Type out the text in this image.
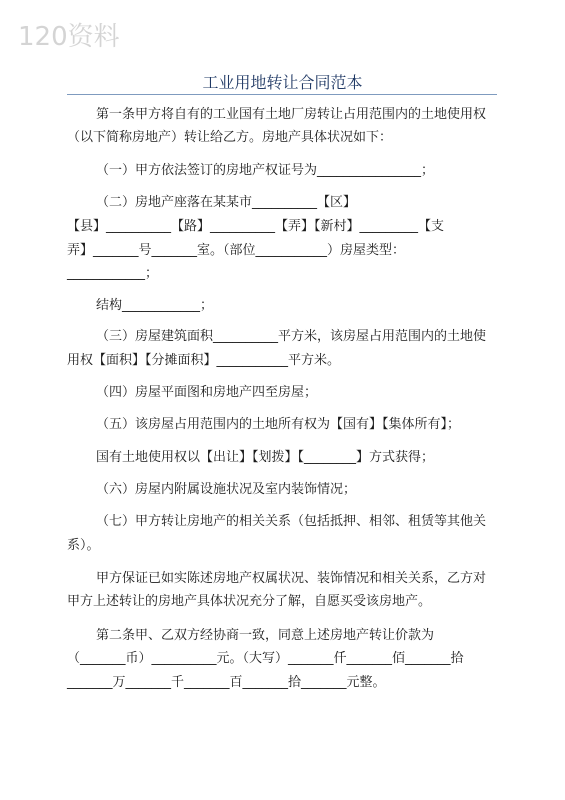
120资料
工业用地转让合同范本
第一条甲方将自有的工业国有土地厂房转让占用范围内的土地使用权
（以下简称房地产）转让给乙方。房地产具体状况如下：
（一）甲方依法签订的房地产权证号为________________；
（二）房地产座落在某某市__________【区】
【县】__________【路】__________【弄】【新村】_________【支
弄】_______号_______室。（部位___________）房屋类型：
____________；
结构____________；
（三）房屋建筑面积__________平方米，该房屋占用范围内的土地使
用权【面积】【分摊面积】___________平方米。
（四）房屋平面图和房地产四至房屋；
（五）该房屋占用范围内的土地所有权为【国有】【集体所有】；
国有土地使用权以【出让】【划拨】【________】方式获得；
（六）房屋内附属设施状况及室内装饰情况；
（七）甲方转让房地产的相关关系（包括抵押、相邻、租赁等其他关
系）。
甲方保证已如实陈述房地产权属状况、装饰情况和相关关系，乙方对
甲方上述转让的房地产具体状况充分了解，自愿买受该房地产。
第二条甲、乙双方经协商一致，同意上述房地产转让价款为
（_______币）__________元。（大写）_______仟_______佰_______拾
_______万_______千_______百_______拾_______元整。
